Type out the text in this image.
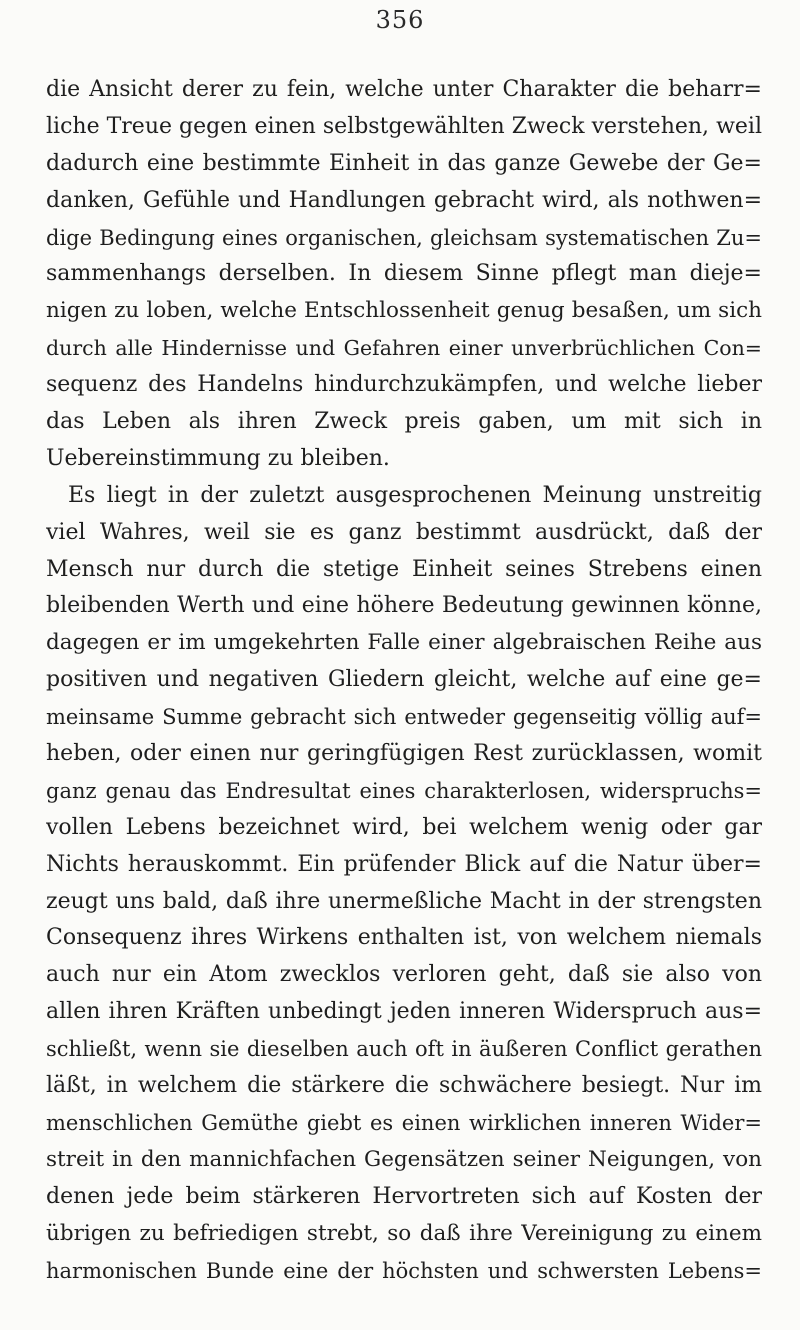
356
die Ansicht derer zu fein, welche unter Charakter die beharr=
liche Treue gegen einen selbstgewählten Zweck verstehen, weil
dadurch eine bestimmte Einheit in das ganze Gewebe der Ge=
danken, Gefühle und Handlungen gebracht wird, als nothwen=
dige Bedingung eines organischen, gleichsam systematischen Zu=
sammenhangs derselben. In diesem Sinne pflegt man dieje=
nigen zu loben, welche Entschlossenheit genug besaßen, um sich
durch alle Hindernisse und Gefahren einer unverbrüchlichen Con=
sequenz des Handelns hindurchzukämpfen, und welche lieber
das Leben als ihren Zweck preis gaben, um mit sich in
Uebereinstimmung zu bleiben.
Es liegt in der zuletzt ausgesprochenen Meinung unstreitig
viel Wahres, weil sie es ganz bestimmt ausdrückt, daß der
Mensch nur durch die stetige Einheit seines Strebens einen
bleibenden Werth und eine höhere Bedeutung gewinnen könne,
dagegen er im umgekehrten Falle einer algebraischen Reihe aus
positiven und negativen Gliedern gleicht, welche auf eine ge=
meinsame Summe gebracht sich entweder gegenseitig völlig auf=
heben, oder einen nur geringfügigen Rest zurücklassen, womit
ganz genau das Endresultat eines charakterlosen, widerspruchs=
vollen Lebens bezeichnet wird, bei welchem wenig oder gar
Nichts herauskommt. Ein prüfender Blick auf die Natur über=
zeugt uns bald, daß ihre unermeßliche Macht in der strengsten
Consequenz ihres Wirkens enthalten ist, von welchem niemals
auch nur ein Atom zwecklos verloren geht, daß sie also von
allen ihren Kräften unbedingt jeden inneren Widerspruch aus=
schließt, wenn sie dieselben auch oft in äußeren Conflict gerathen
läßt, in welchem die stärkere die schwächere besiegt. Nur im
menschlichen Gemüthe giebt es einen wirklichen inneren Wider=
streit in den mannichfachen Gegensätzen seiner Neigungen, von
denen jede beim stärkeren Hervortreten sich auf Kosten der
übrigen zu befriedigen strebt, so daß ihre Vereinigung zu einem
harmonischen Bunde eine der höchsten und schwersten Lebens=
